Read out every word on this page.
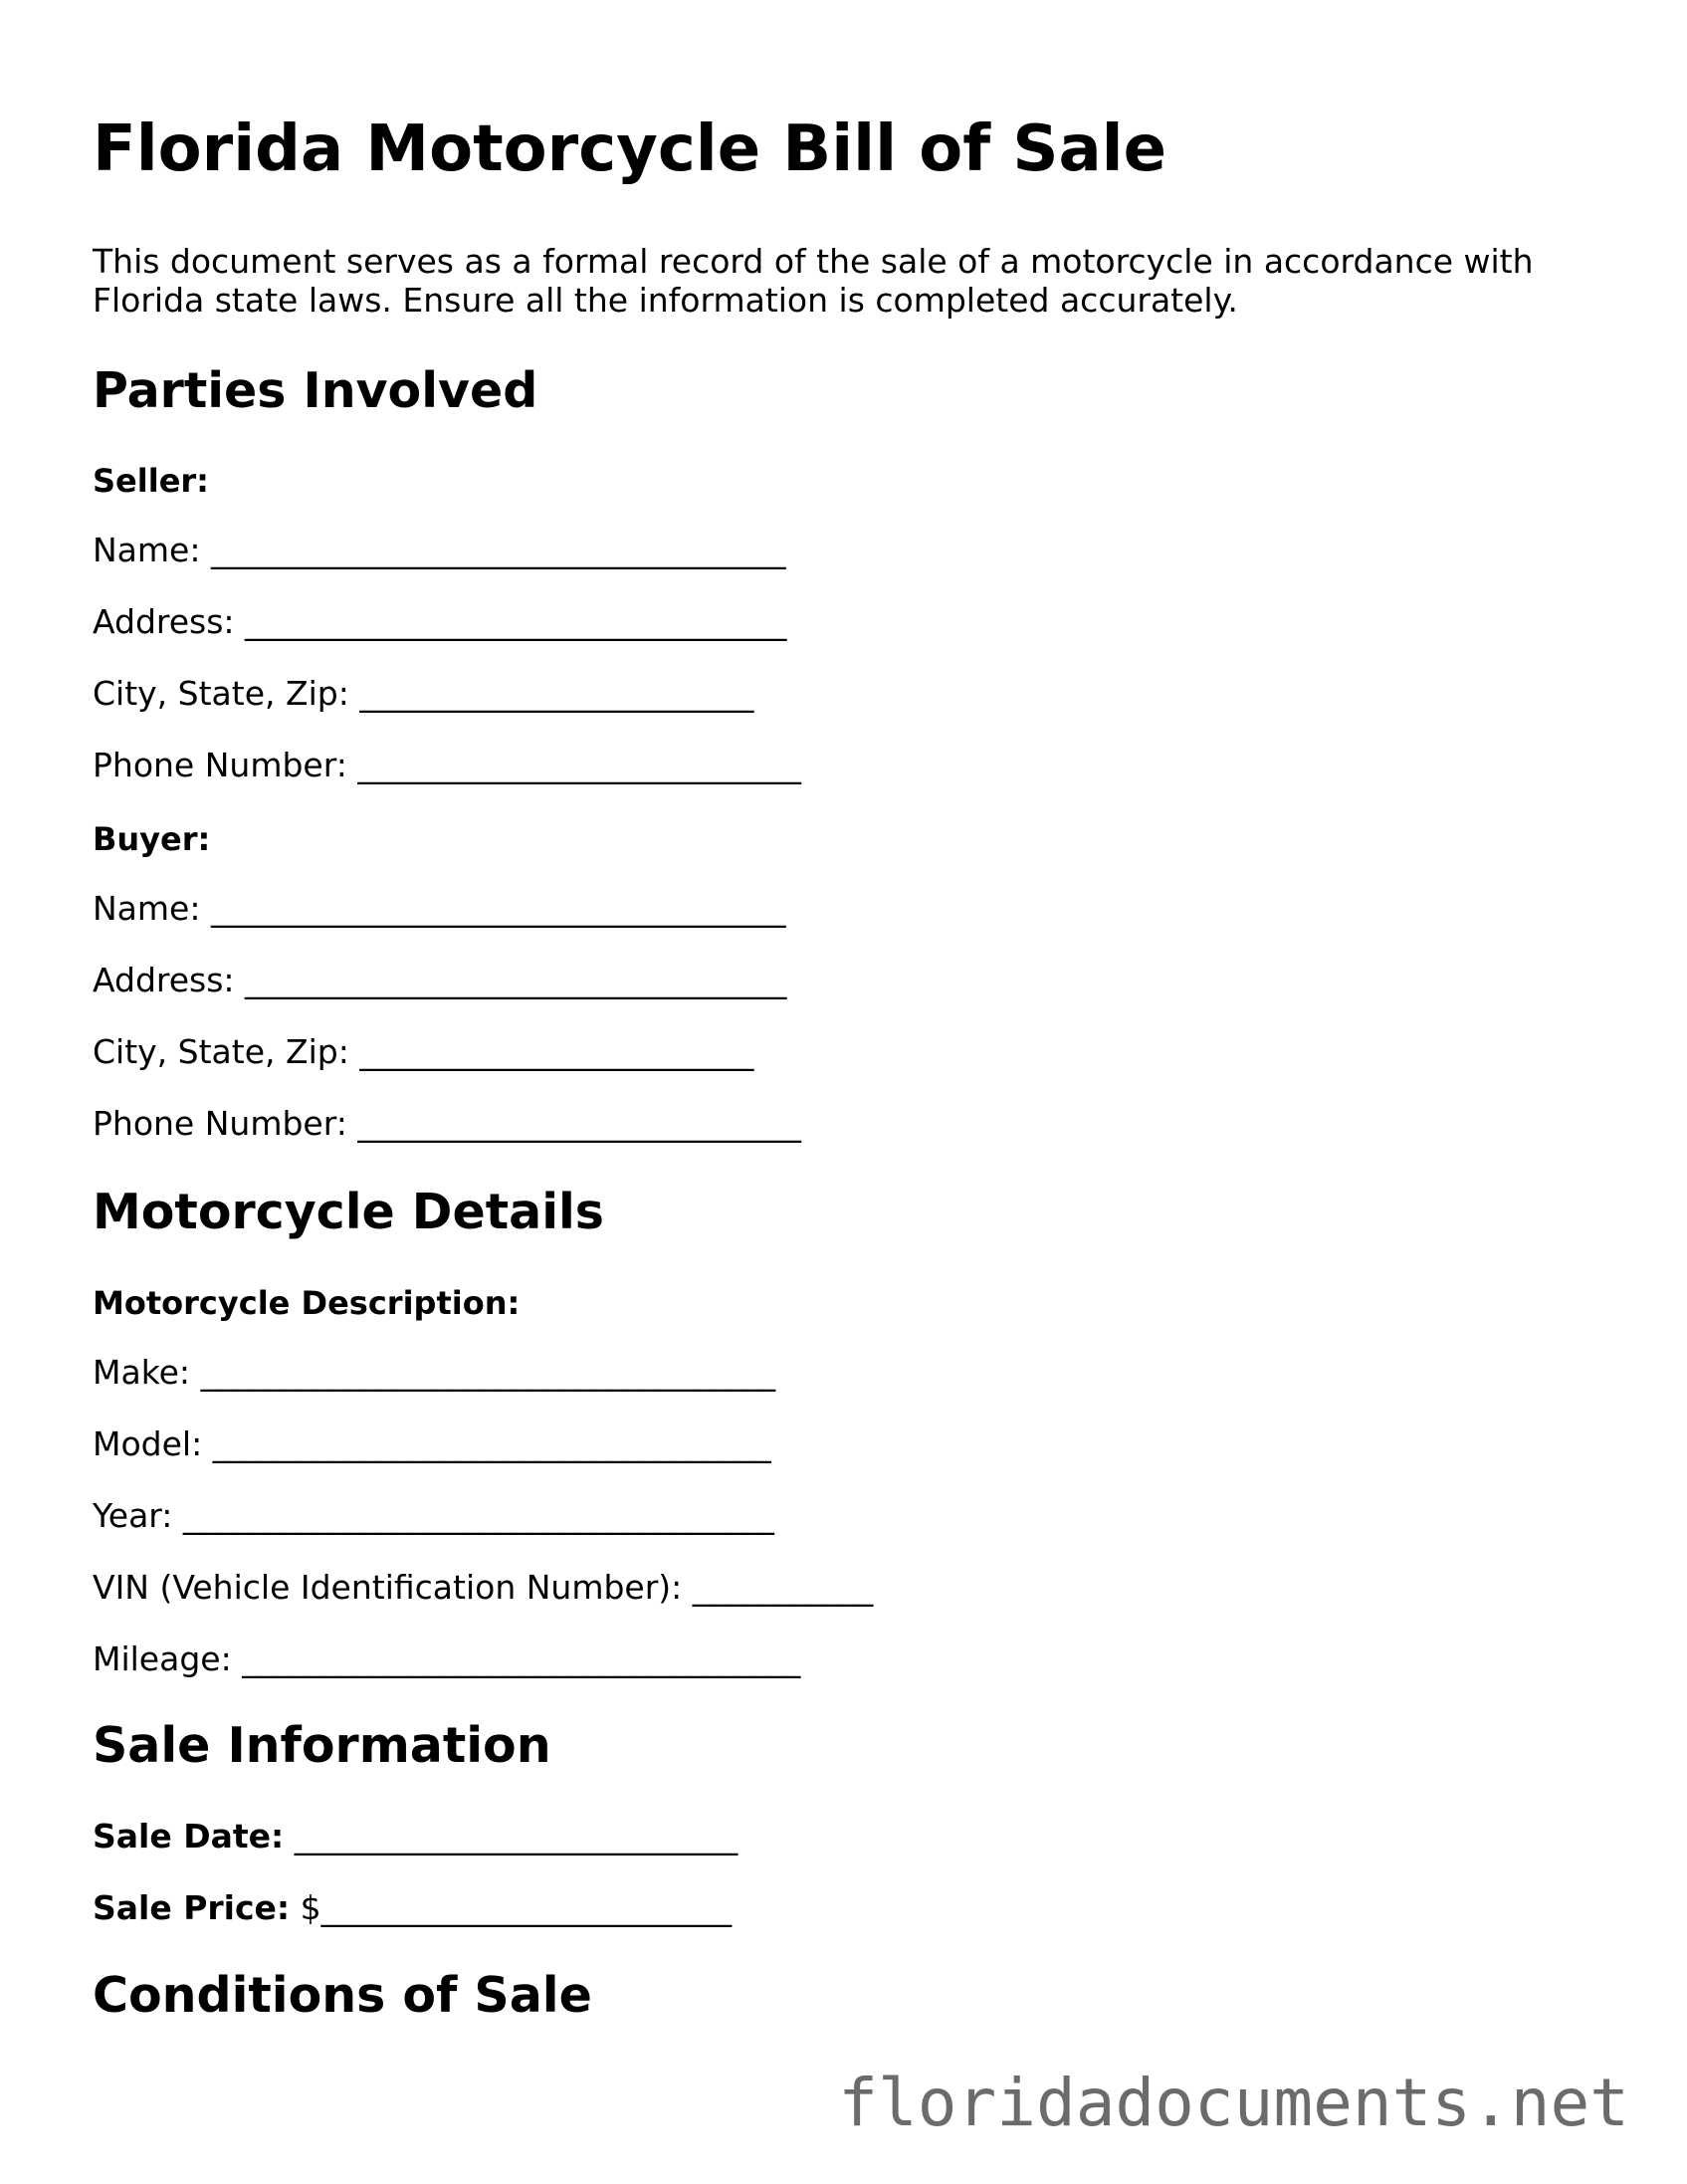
Florida Motorcycle Bill of Sale

This document serves as a formal record of the sale of a motorcycle in accordance with Florida state laws. Ensure all the information is completed accurately.

Parties Involved
Seller:
Name: ___________________________________
Address: _________________________________
City, State, Zip: ________________________
Phone Number: ___________________________
Buyer:
Name: ___________________________________
Address: _________________________________
City, State, Zip: ________________________
Phone Number: ___________________________
Motorcycle Details
Motorcycle Description:
Make: ___________________________________
Model: __________________________________
Year: ____________________________________
VIN (Vehicle Identification Number): ___________
Mileage: __________________________________
Sale Information
Sale Date: ___________________________
Sale Price: $_________________________
Conditions of Sale
floridadocuments.net
